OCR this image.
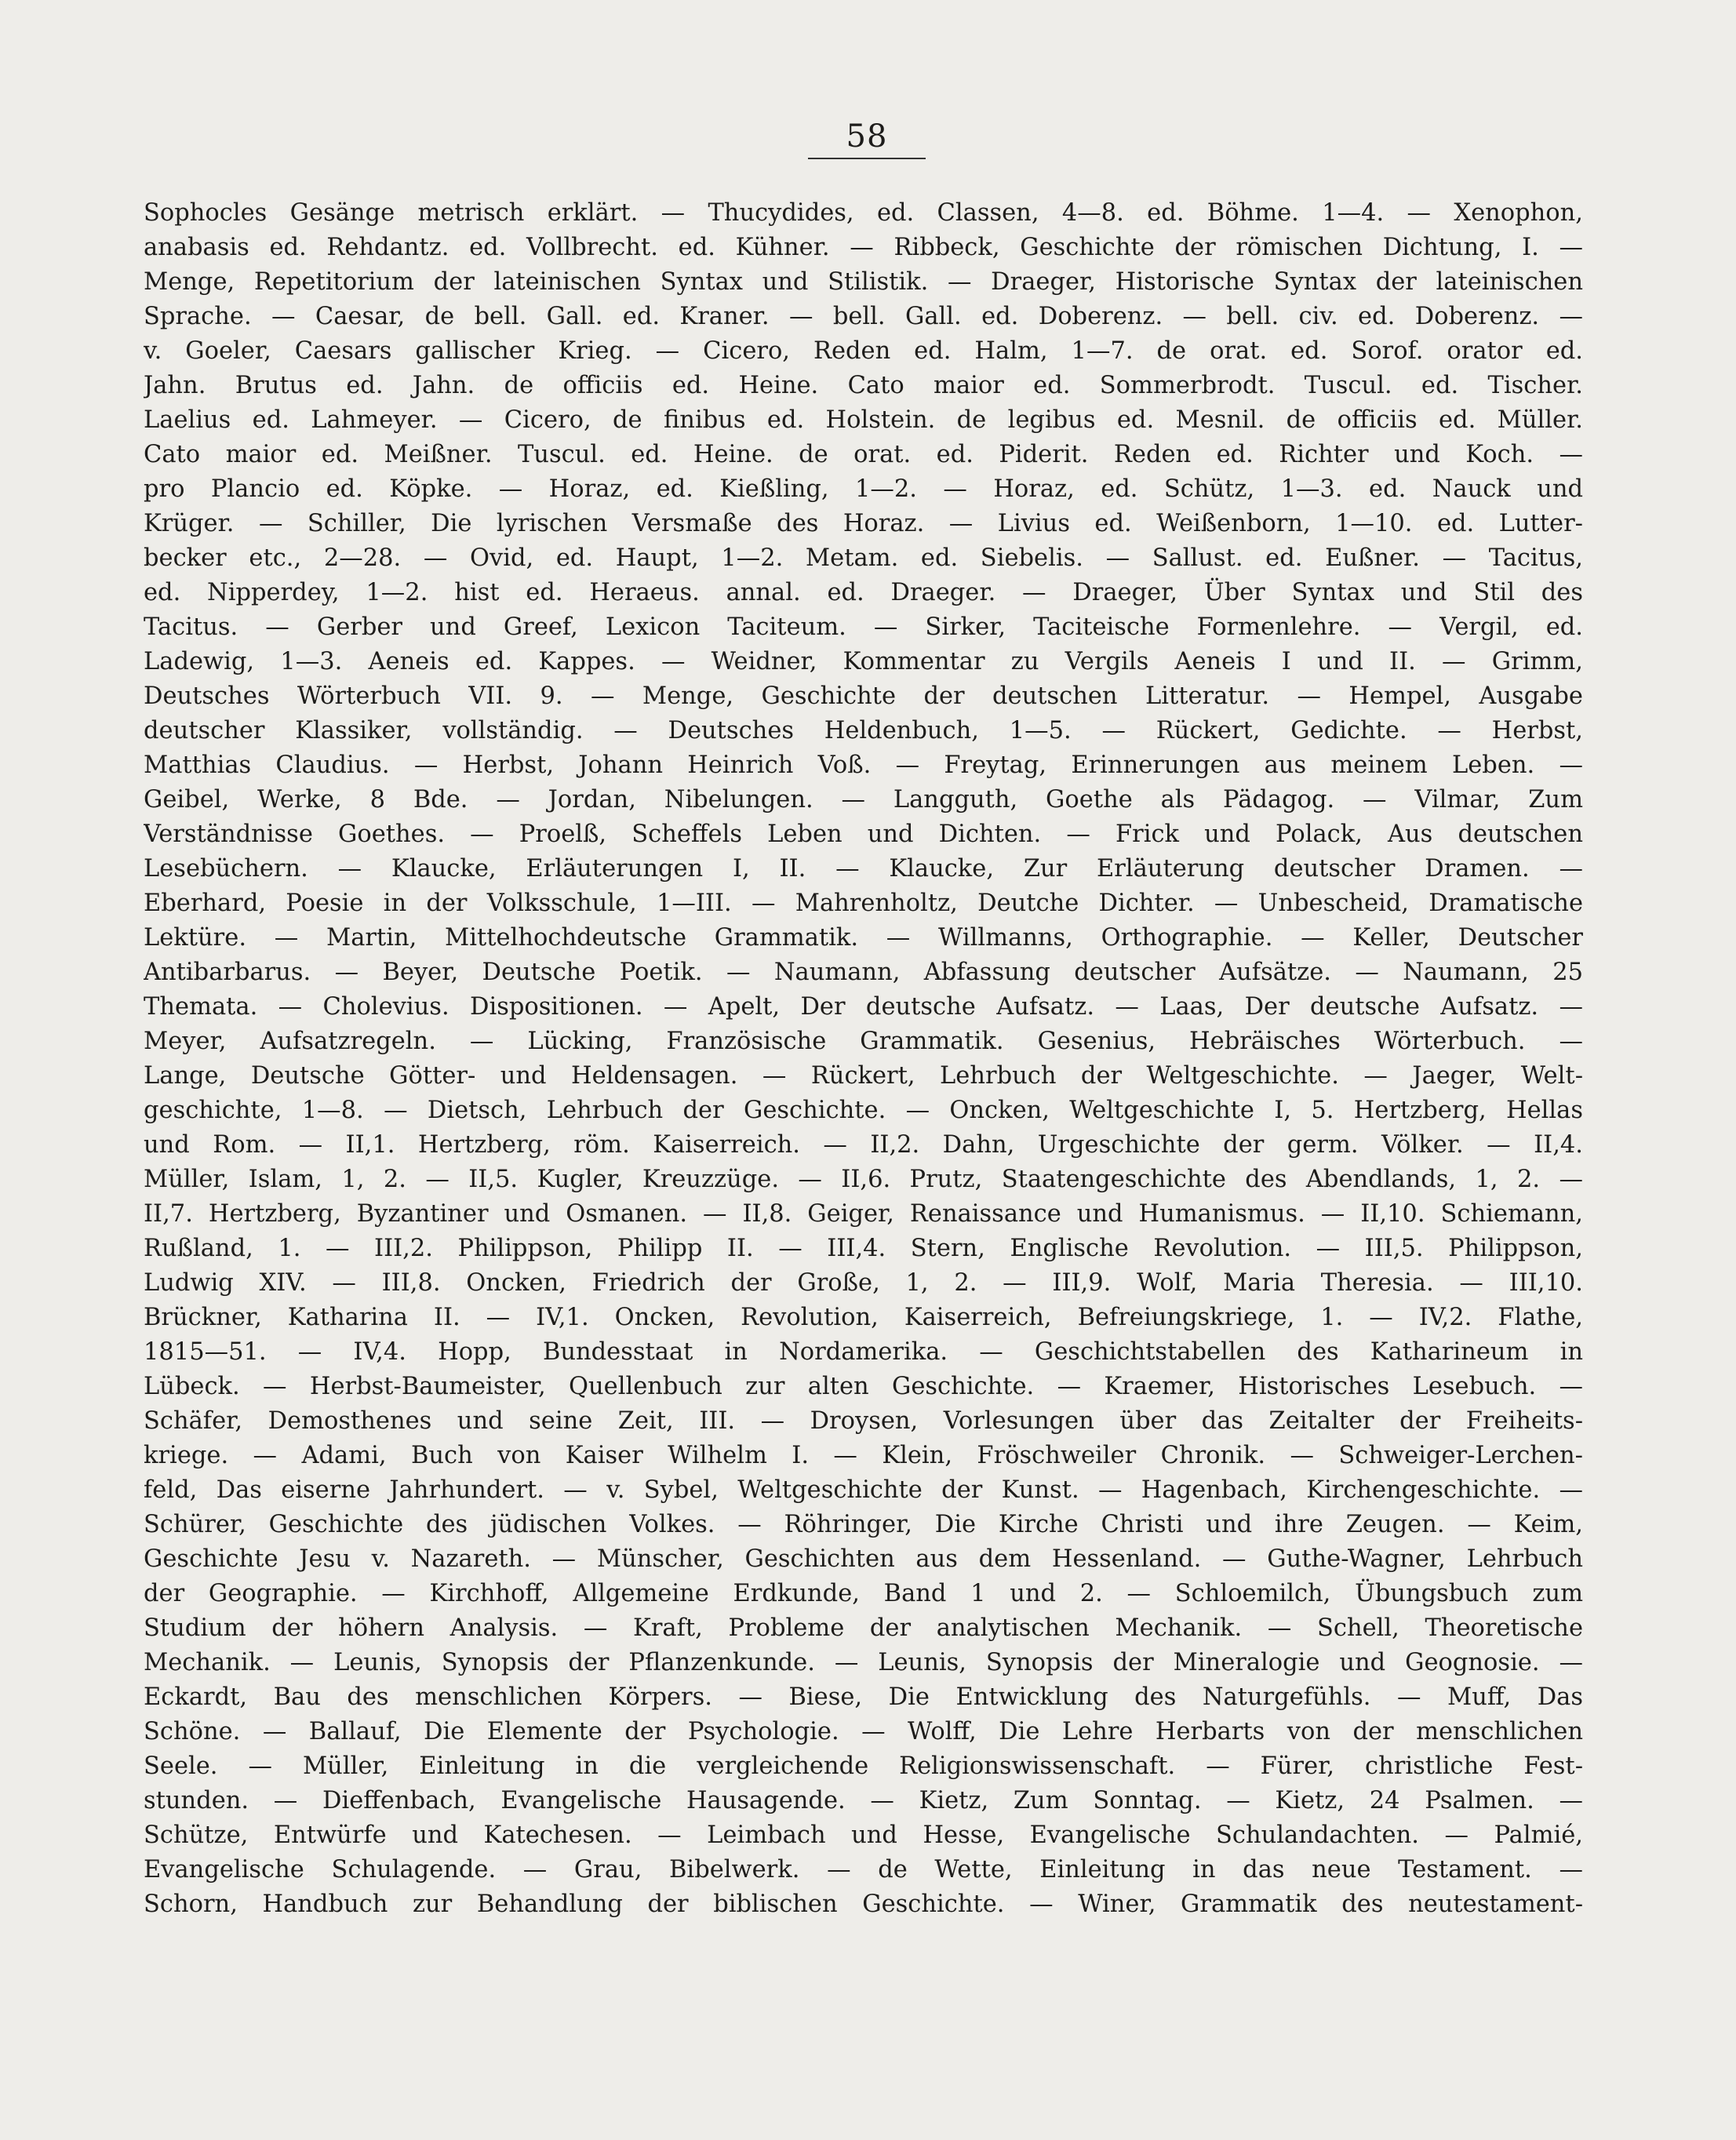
58
Sophocles Gesänge metrisch erklärt. — Thucydides, ed. Classen, 4—8. ed. Böhme. 1—4. — Xenophon,
anabasis ed. Rehdantz. ed. Vollbrecht. ed. Kühner. — Ribbeck, Geschichte der römischen Dichtung, I. —
Menge, Repetitorium der lateinischen Syntax und Stilistik. — Draeger, Historische Syntax der lateinischen
Sprache. — Caesar, de bell. Gall. ed. Kraner. — bell. Gall. ed. Doberenz. — bell. civ. ed. Doberenz. —
v. Goeler, Caesars gallischer Krieg. — Cicero, Reden ed. Halm, 1—7. de orat. ed. Sorof. orator ed.
Jahn. Brutus ed. Jahn. de officiis ed. Heine. Cato maior ed. Sommerbrodt. Tuscul. ed. Tischer.
Laelius ed. Lahmeyer. — Cicero, de finibus ed. Holstein. de legibus ed. Mesnil. de officiis ed. Müller.
Cato maior ed. Meißner. Tuscul. ed. Heine. de orat. ed. Piderit. Reden ed. Richter und Koch. —
pro Plancio ed. Köpke. — Horaz, ed. Kießling, 1—2. — Horaz, ed. Schütz, 1—3. ed. Nauck und
Krüger. — Schiller, Die lyrischen Versmaße des Horaz. — Livius ed. Weißenborn, 1—10. ed. Lutter-
becker etc., 2—28. — Ovid, ed. Haupt, 1—2. Metam. ed. Siebelis. — Sallust. ed. Eußner. — Tacitus,
ed. Nipperdey, 1—2. hist ed. Heraeus. annal. ed. Draeger. — Draeger, Über Syntax und Stil des
Tacitus. — Gerber und Greef, Lexicon Taciteum. — Sirker, Taciteische Formenlehre. — Vergil, ed.
Ladewig, 1—3. Aeneis ed. Kappes. — Weidner, Kommentar zu Vergils Aeneis I und II. — Grimm,
Deutsches Wörterbuch VII. 9. — Menge, Geschichte der deutschen Litteratur. — Hempel, Ausgabe
deutscher Klassiker, vollständig. — Deutsches Heldenbuch, 1—5. — Rückert, Gedichte. — Herbst,
Matthias Claudius. — Herbst, Johann Heinrich Voß. — Freytag, Erinnerungen aus meinem Leben. —
Geibel, Werke, 8 Bde. — Jordan, Nibelungen. — Langguth, Goethe als Pädagog. — Vilmar, Zum
Verständnisse Goethes. — Proelß, Scheffels Leben und Dichten. — Frick und Polack, Aus deutschen
Lesebüchern. — Klaucke, Erläuterungen I, II. — Klaucke, Zur Erläuterung deutscher Dramen. —
Eberhard, Poesie in der Volksschule, 1—III. — Mahrenholtz, Deutche Dichter. — Unbescheid, Dramatische
Lektüre. — Martin, Mittelhochdeutsche Grammatik. — Willmanns, Orthographie. — Keller, Deutscher
Antibarbarus. — Beyer, Deutsche Poetik. — Naumann, Abfassung deutscher Aufsätze. — Naumann, 25
Themata. — Cholevius. Dispositionen. — Apelt, Der deutsche Aufsatz. — Laas, Der deutsche Aufsatz. —
Meyer, Aufsatzregeln. — Lücking, Französische Grammatik. Gesenius, Hebräisches Wörterbuch. —
Lange, Deutsche Götter- und Heldensagen. — Rückert, Lehrbuch der Weltgeschichte. — Jaeger, Welt-
geschichte, 1—8. — Dietsch, Lehrbuch der Geschichte. — Oncken, Weltgeschichte I, 5. Hertzberg, Hellas
und Rom. — II,1. Hertzberg, röm. Kaiserreich. — II,2. Dahn, Urgeschichte der germ. Völker. — II,4.
Müller, Islam, 1, 2. — II,5. Kugler, Kreuzzüge. — II,6. Prutz, Staatengeschichte des Abendlands, 1, 2. —
II,7. Hertzberg, Byzantiner und Osmanen. — II,8. Geiger, Renaissance und Humanismus. — II,10. Schiemann,
Rußland, 1. — III,2. Philippson, Philipp II. — III,4. Stern, Englische Revolution. — III,5. Philippson,
Ludwig XIV. — III,8. Oncken, Friedrich der Große, 1, 2. — III,9. Wolf, Maria Theresia. — III,10.
Brückner, Katharina II. — IV,1. Oncken, Revolution, Kaiserreich, Befreiungskriege, 1. — IV,2. Flathe,
1815—51. — IV,4. Hopp, Bundesstaat in Nordamerika. — Geschichtstabellen des Katharineum in
Lübeck. — Herbst-Baumeister, Quellenbuch zur alten Geschichte. — Kraemer, Historisches Lesebuch. —
Schäfer, Demosthenes und seine Zeit, III. — Droysen, Vorlesungen über das Zeitalter der Freiheits-
kriege. — Adami, Buch von Kaiser Wilhelm I. — Klein, Fröschweiler Chronik. — Schweiger-Lerchen-
feld, Das eiserne Jahrhundert. — v. Sybel, Weltgeschichte der Kunst. — Hagenbach, Kirchengeschichte. —
Schürer, Geschichte des jüdischen Volkes. — Röhringer, Die Kirche Christi und ihre Zeugen. — Keim,
Geschichte Jesu v. Nazareth. — Münscher, Geschichten aus dem Hessenland. — Guthe-Wagner, Lehrbuch
der Geographie. — Kirchhoff, Allgemeine Erdkunde, Band 1 und 2. — Schloemilch, Übungsbuch zum
Studium der höhern Analysis. — Kraft, Probleme der analytischen Mechanik. — Schell, Theoretische
Mechanik. — Leunis, Synopsis der Pflanzenkunde. — Leunis, Synopsis der Mineralogie und Geognosie. —
Eckardt, Bau des menschlichen Körpers. — Biese, Die Entwicklung des Naturgefühls. — Muff, Das
Schöne. — Ballauf, Die Elemente der Psychologie. — Wolff, Die Lehre Herbarts von der menschlichen
Seele. — Müller, Einleitung in die vergleichende Religionswissenschaft. — Fürer, christliche Fest-
stunden. — Dieffenbach, Evangelische Hausagende. — Kietz, Zum Sonntag. — Kietz, 24 Psalmen. —
Schütze, Entwürfe und Katechesen. — Leimbach und Hesse, Evangelische Schulandachten. — Palmié,
Evangelische Schulagende. — Grau, Bibelwerk. — de Wette, Einleitung in das neue Testament. —
Schorn, Handbuch zur Behandlung der biblischen Geschichte. — Winer, Grammatik des neutestament-
